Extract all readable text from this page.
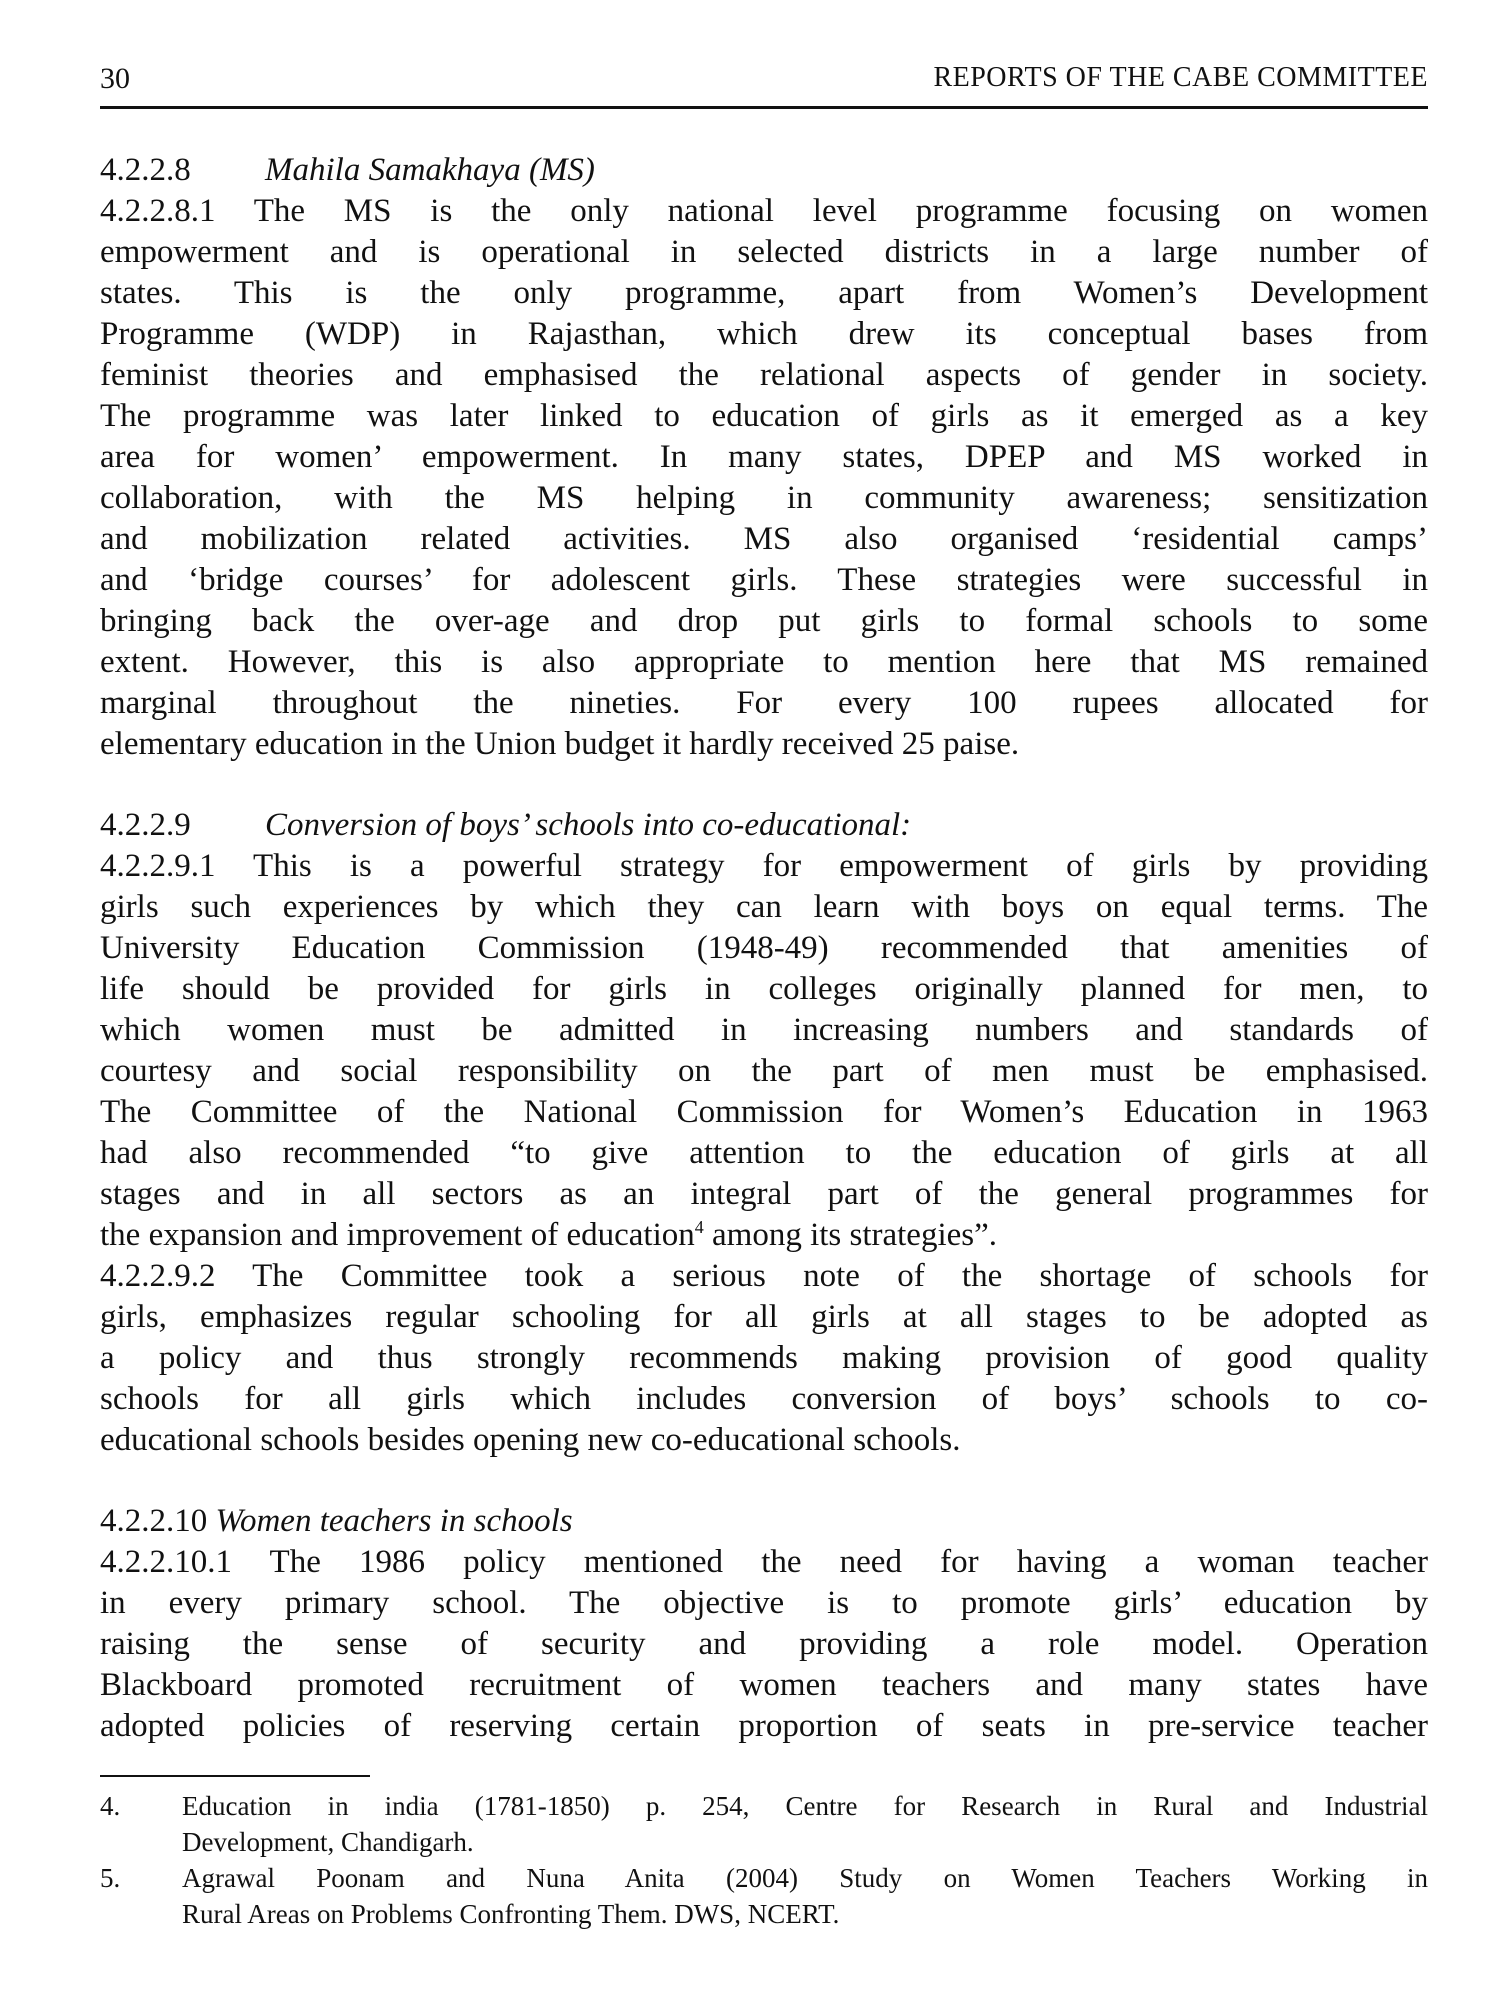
30	REPORTS OF THE CABE COMMITTEE
4.2.2.8 Mahila Samakhaya (MS)
4.2.2.8.1 The MS is the only national level programme focusing on women
empowerment and is operational in selected districts in a large number of
states. This is the only programme, apart from Women’s Development
Programme (WDP) in Rajasthan, which drew its conceptual bases from
feminist theories and emphasised the relational aspects of gender in society.
The programme was later linked to education of girls as it emerged as a key
area for women’ empowerment. In many states, DPEP and MS worked in
collaboration, with the MS helping in community awareness; sensitization
and mobilization related activities. MS also organised ‘residential camps’
and ‘bridge courses’ for adolescent girls. These strategies were successful in
bringing back the over-age and drop put girls to formal schools to some
extent. However, this is also appropriate to mention here that MS remained
marginal throughout the nineties. For every 100 rupees allocated for
elementary education in the Union budget it hardly received 25 paise.
4.2.2.9 Conversion of boys’ schools into co-educational:
4.2.2.9.1 This is a powerful strategy for empowerment of girls by providing
girls such experiences by which they can learn with boys on equal terms. The
University Education Commission (1948-49) recommended that amenities of
life should be provided for girls in colleges originally planned for men, to
which women must be admitted in increasing numbers and standards of
courtesy and social responsibility on the part of men must be emphasised.
The Committee of the National Commission for Women’s Education in 1963
had also recommended “to give attention to the education of girls at all
stages and in all sectors as an integral part of the general programmes for
the expansion and improvement of education$^4$ among its strategies”.
4.2.2.9.2 The Committee took a serious note of the shortage of schools for
girls, emphasizes regular schooling for all girls at all stages to be adopted as
a policy and thus strongly recommends making provision of good quality
schools for all girls which includes conversion of boys’ schools to co-
educational schools besides opening new co-educational schools.
4.2.2.10 Women teachers in schools
4.2.2.10.1 The 1986 policy mentioned the need for having a woman teacher
in every primary school. The objective is to promote girls’ education by
raising the sense of security and providing a role model. Operation
Blackboard promoted recruitment of women teachers and many states have
adopted policies of reserving certain proportion of seats in pre-service teacher
4.	Education in india (1781-1850) p. 254, Centre for Research in Rural and Industrial
Development, Chandigarh.
5.	Agrawal Poonam and Nuna Anita (2004) Study on Women Teachers Working in
Rural Areas on Problems Confronting Them. DWS, NCERT.
